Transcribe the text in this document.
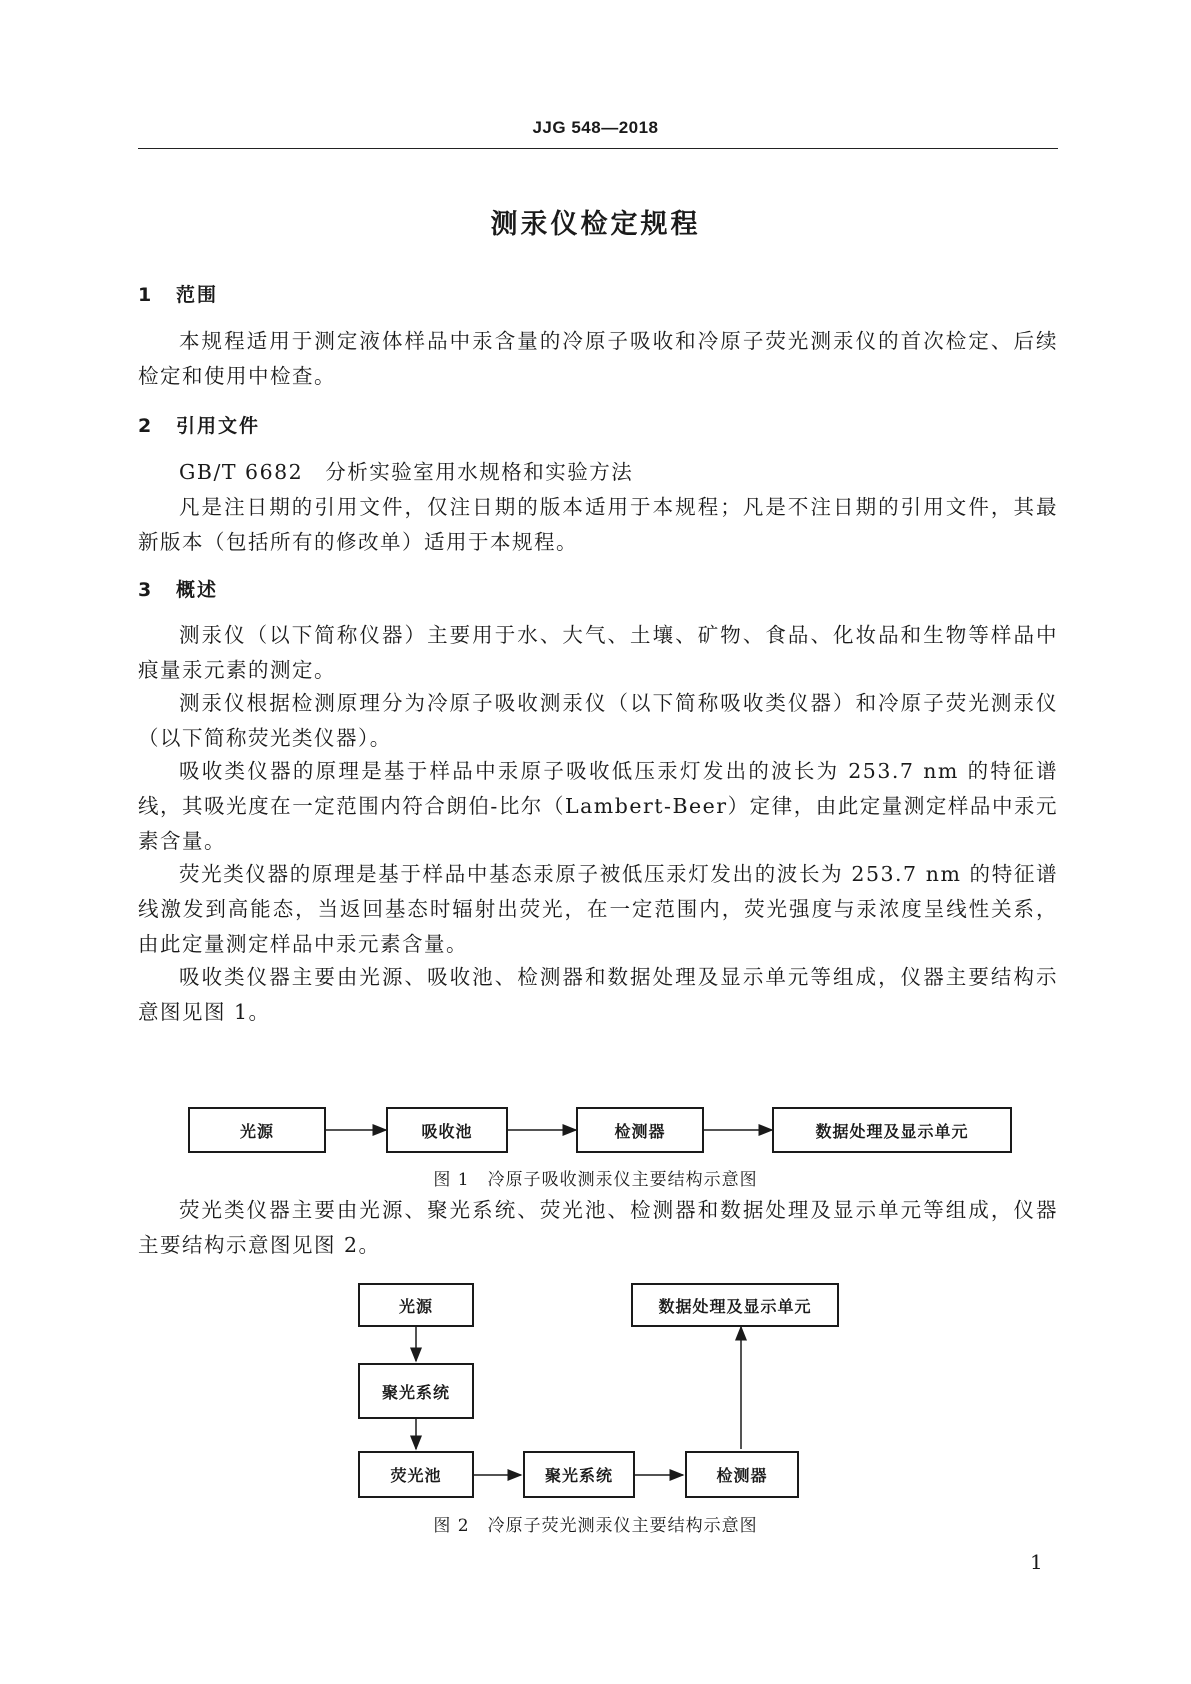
JJG 548—2018
测汞仪检定规程
1 范围
本规程适用于测定液体样品中汞含量的冷原子吸收和冷原子荧光测汞仪的首次检定、后续检定和使用中检查。
2 引用文件
GB/T 6682　分析实验室用水规格和实验方法
凡是注日期的引用文件，仅注日期的版本适用于本规程；凡是不注日期的引用文件，其最新版本（包括所有的修改单）适用于本规程。
3 概述
测汞仪（以下简称仪器）主要用于水、大气、土壤、矿物、食品、化妆品和生物等样品中痕量汞元素的测定。
测汞仪根据检测原理分为冷原子吸收测汞仪（以下简称吸收类仪器）和冷原子荧光测汞仪（以下简称荧光类仪器）。
吸收类仪器的原理是基于样品中汞原子吸收低压汞灯发出的波长为 253.7 nm 的特征谱线，其吸光度在一定范围内符合朗伯-比尔（Lambert-Beer）定律，由此定量测定样品中汞元素含量。
荧光类仪器的原理是基于样品中基态汞原子被低压汞灯发出的波长为 253.7 nm 的特征谱线激发到高能态，当返回基态时辐射出荧光，在一定范围内，荧光强度与汞浓度呈线性关系，由此定量测定样品中汞元素含量。
吸收类仪器主要由光源、吸收池、检测器和数据处理及显示单元等组成，仪器主要结构示意图见图 1。
光源	吸收池	检测器	数据处理及显示单元
图 1　冷原子吸收测汞仪主要结构示意图
荧光类仪器主要由光源、聚光系统、荧光池、检测器和数据处理及显示单元等组成，仪器主要结构示意图见图 2。
光源
聚光系统
荧光池	聚光系统	检测器
数据处理及显示单元
图 2　冷原子荧光测汞仪主要结构示意图
1
